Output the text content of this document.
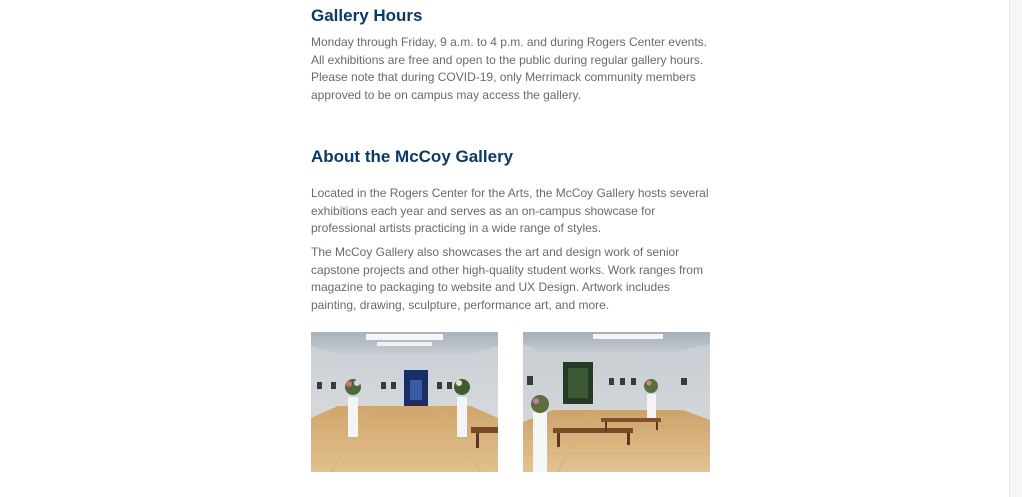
Gallery Hours

Monday through Friday, 9 a.m. to 4 p.m. and during Rogers Center events. All exhibitions are free and open to the public during regular gallery hours. Please note that during COVID-19, only Merrimack community members approved to be on campus may access the gallery.

About the McCoy Gallery

Located in the Rogers Center for the Arts, the McCoy Gallery hosts several exhibitions each year and serves as an on-campus showcase for professional artists practicing in a wide range of styles.

The McCoy Gallery also showcases the art and design work of senior capstone projects and other high-quality student works. Work ranges from magazine to packaging to website and UX Design. Artwork includes painting, drawing, sculpture, performance art, and more.
